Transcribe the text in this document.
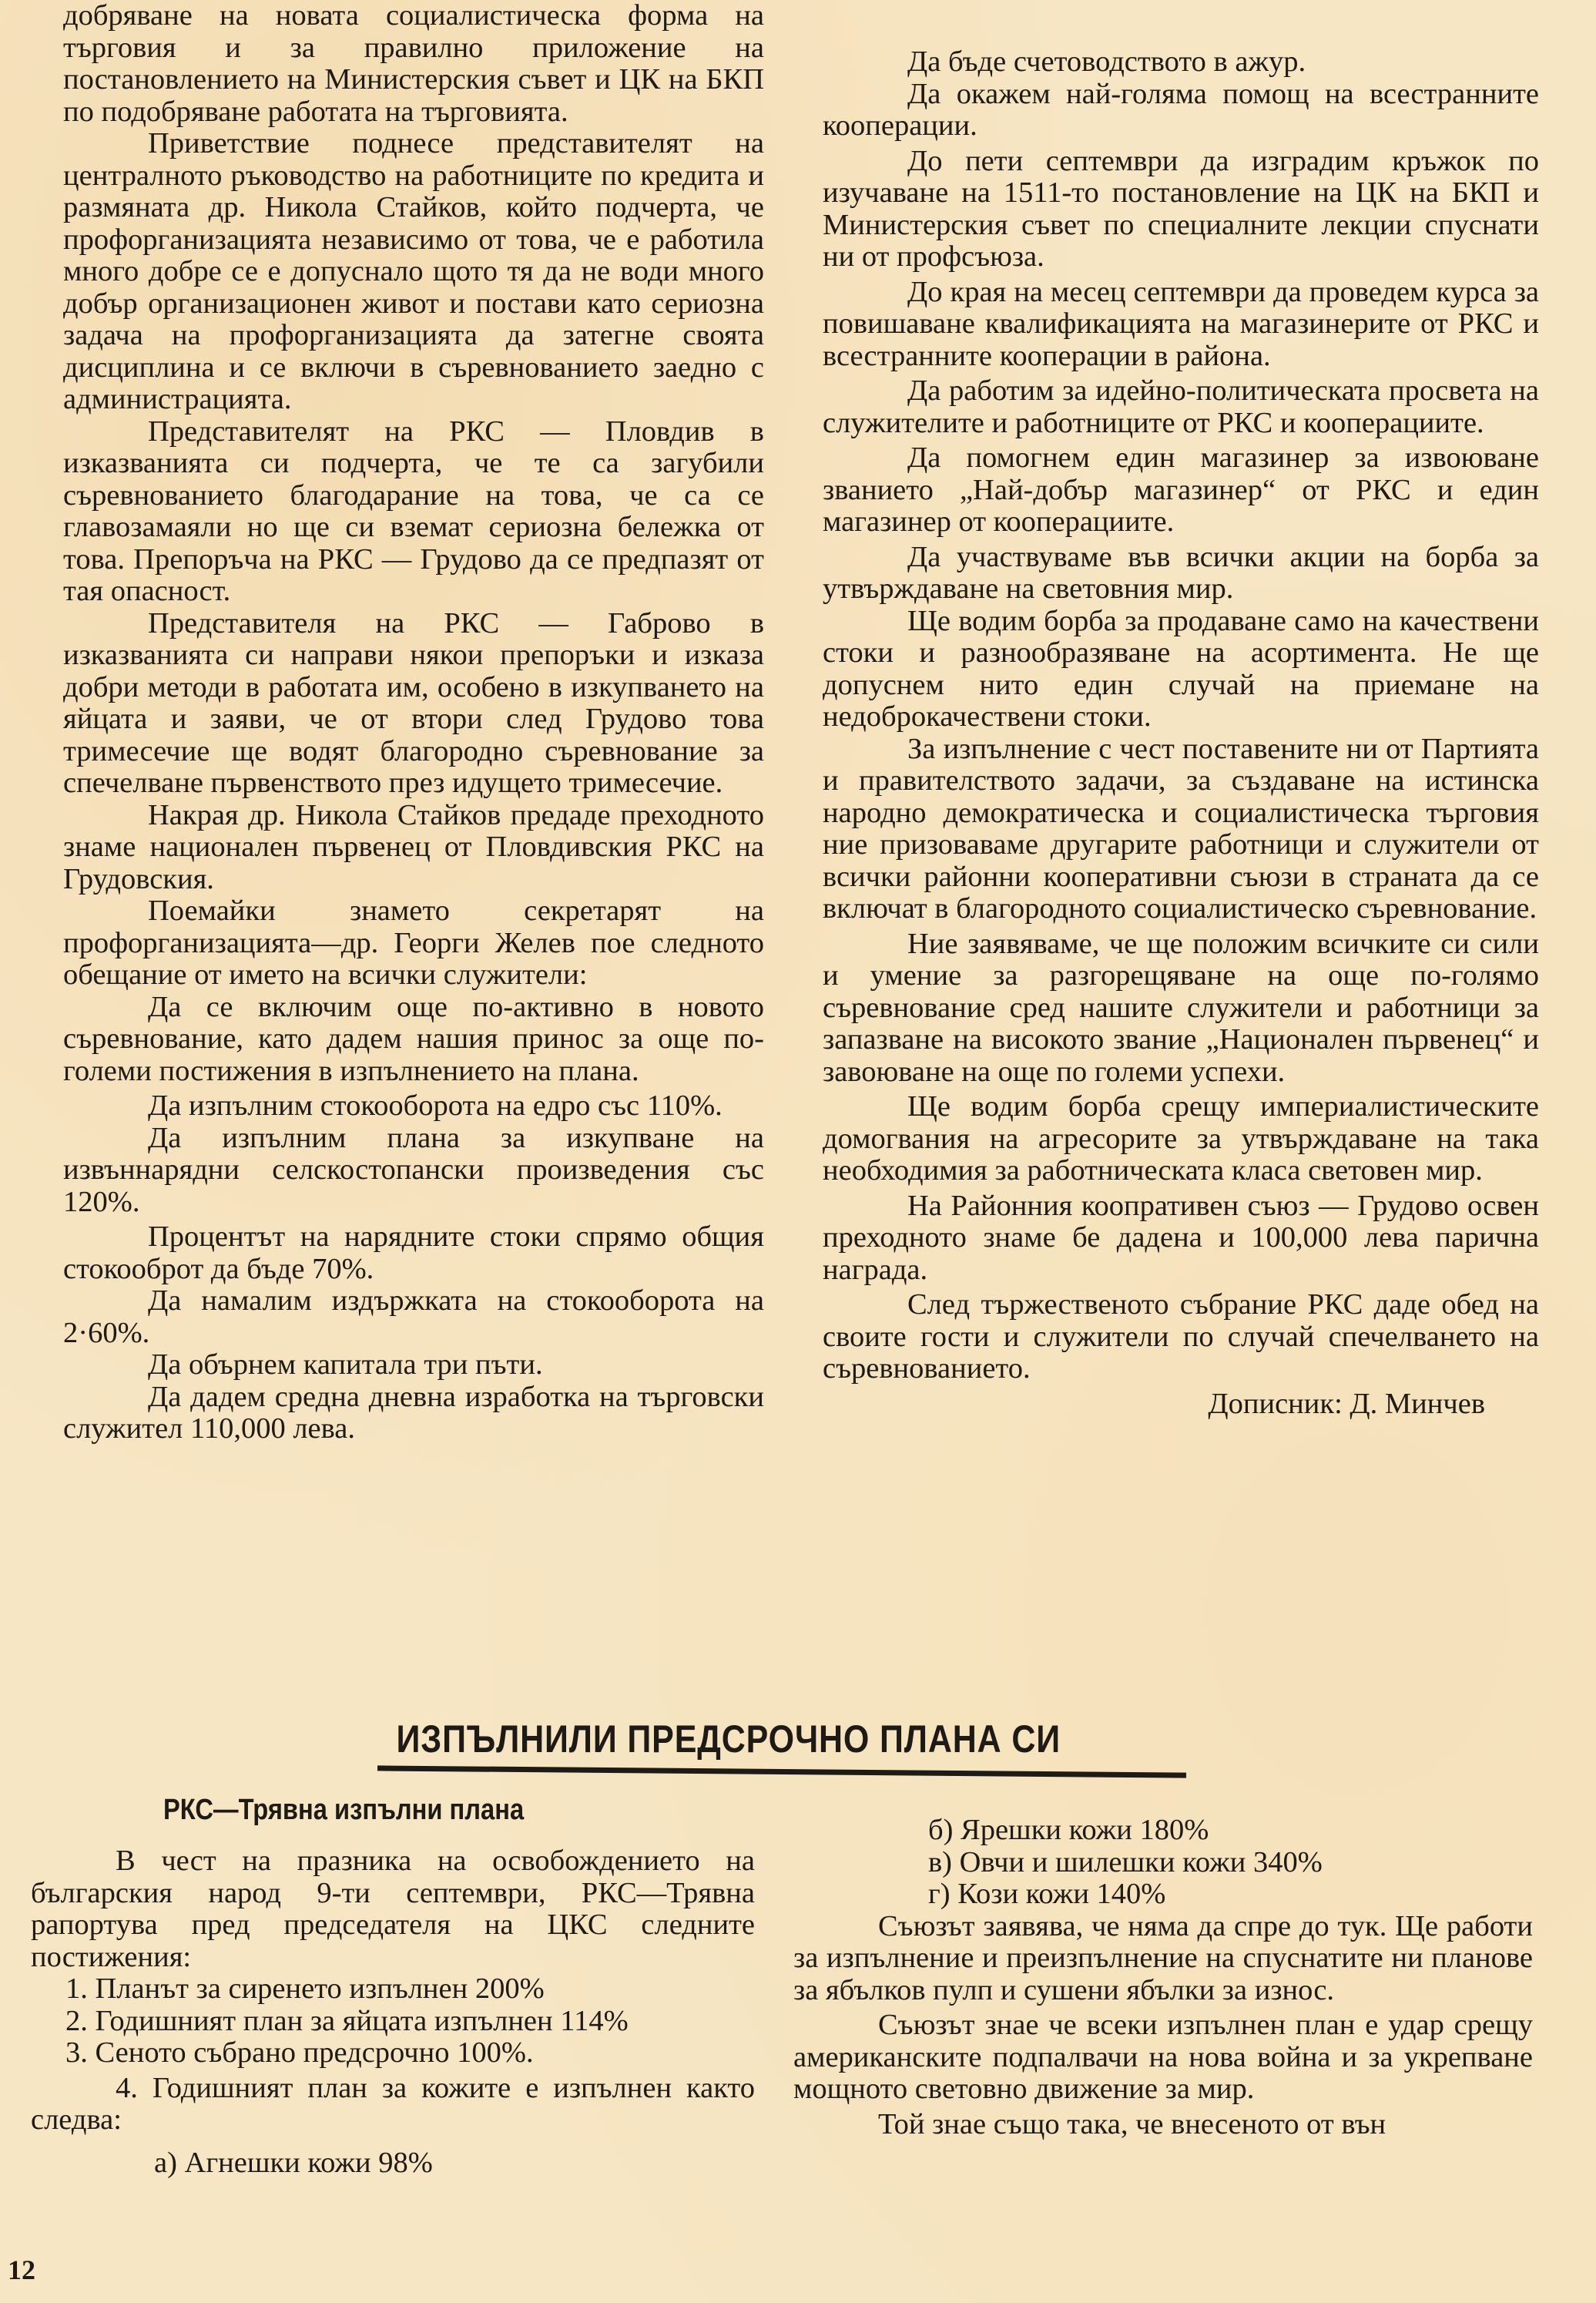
добряване на новата социалистическа форма на търговия и за правилно приложение на постановлението на Министерския съвет и ЦК на БКП по подобряване работата на търговията.

Приветствие поднесе представителят на централното ръководство на работниците по кредита и размяната др. Никола Стайков, който подчерта, че профорганизацията независимо от това, че е работила много добре се е допуснало щото тя да не води много добър организационен живот и постави като сериозна задача на профорганизацията да затегне своята дисциплина и се включи в съревнованието заедно с администрацията.

Представителят на РКС — Пловдив в изказванията си подчерта, че те са загубили съревнованието благодарание на това, че са се главозамаяли но ще си вземат сериозна бележка от това. Препоръча на РКС — Грудово да се предпазят от тая опасност.

Представителя на РКС — Габрово в изказванията си направи някои препоръки и изказа добри методи в работата им, особено в изкупването на яйцата и заяви, че от втори след Грудово това тримесечие ще водят благородно съревнование за спечелване първенството през идущето тримесечие.

Накрая др. Никола Стайков предаде преходното знаме национален първенец от Пловдивския РКС на Грудовския.

Поемайки знамето секретарят на профорганизацията—др. Георги Желев пое следното обещание от името на всички служители:

Да се включим още по-активно в новото съревнование, като дадем нашия принос за още по-големи постижения в изпълнението на плана.

Да изпълним стокооборота на едро със 110%.

Да изпълним плана за изкупване на извъннарядни селскостопански произведения със 120%.

Процентът на нарядните стоки спрямо общия стокооброт да бъде 70%.

Да намалим издържката на стокооборота на 2·60%.

Да обърнем капитала три пъти.

Да дадем средна дневна изработка на търговски служител 110,000 лева.

Да бъде счетоводството в ажур.

Да окажем най-голяма помощ на всестранните кооперации.

До пети септември да изградим кръжок по изучаване на 1511-то постановление на ЦК на БКП и Министерския съвет по специалните лекции спуснати ни от профсъюза.

До края на месец септември да проведем курса за повишаване квалификацията на магазинерите от РКС и всестранните кооперации в района.

Да работим за идейно-политическата просвета на служителите и работниците от РКС и кооперациите.

Да помогнем един магазинер за извоюване званието „Най-добър магазинер“ от РКС и един магазинер от кооперациите.

Да участвуваме във всички акции на борба за утвърждаване на световния мир.

Ще водим борба за продаване само на качествени стоки и разнообразяване на асортимента. Не ще допуснем нито един случай на приемане на недоброкачествени стоки.

За изпълнение с чест поставените ни от Партията и правителството задачи, за създаване на истинска народно демократическа и социалистическа търговия ние призоваваме другарите работници и служители от всички районни кооперативни съюзи в страната да се включат в благородното социалистическо съревнование.

Ние заявяваме, че ще положим всичките си сили и умение за разгорещяване на още по-голямо съревнование сред нашите служители и работници за запазване на високото звание „Национален първенец“ и завоюване на още по големи успехи.

Ще водим борба срещу империалистическите домогвания на агресорите за утвърждаване на така необходимия за работническата класа световен мир.

На Районния коопративен съюз — Грудово освен преходното знаме бе дадена и 100,000 лева парична награда.

След тържественото събрание РКС даде обед на своите гости и служители по случай спечелването на съревнованието.

Дописник: Д. Минчев

ИЗПЪЛНИЛИ ПРЕДСРОЧНО ПЛАНА СИ
РКС—Трявна изпълни плана

В чест на празника на освобождението на българския народ 9-ти септември, РКС—Трявна рапортува пред председателя на ЦКС следните постижения:

1. Планът за сиренето изпълнен 200%

2. Годишният план за яйцата изпълнен 114%

3. Сеното събрано предсрочно 100%.

4. Годишният план за кожите е изпълнен както следва:

а) Агнешки кожи 98%

б) Ярешки кожи 180%

в) Овчи и шилешки кожи 340%

г) Кози кожи 140%

Съюзът заявява, че няма да спре до тук. Ще работи за изпълнение и преизпълнение на спуснатите ни планове за ябълков пулп и сушени ябълки за износ.

Съюзът знае че всеки изпълнен план е удар срещу американските подпалвачи на нова война и за укрепване мощното световно движение за мир.

Той знае също така, че внесеното от вън

12
